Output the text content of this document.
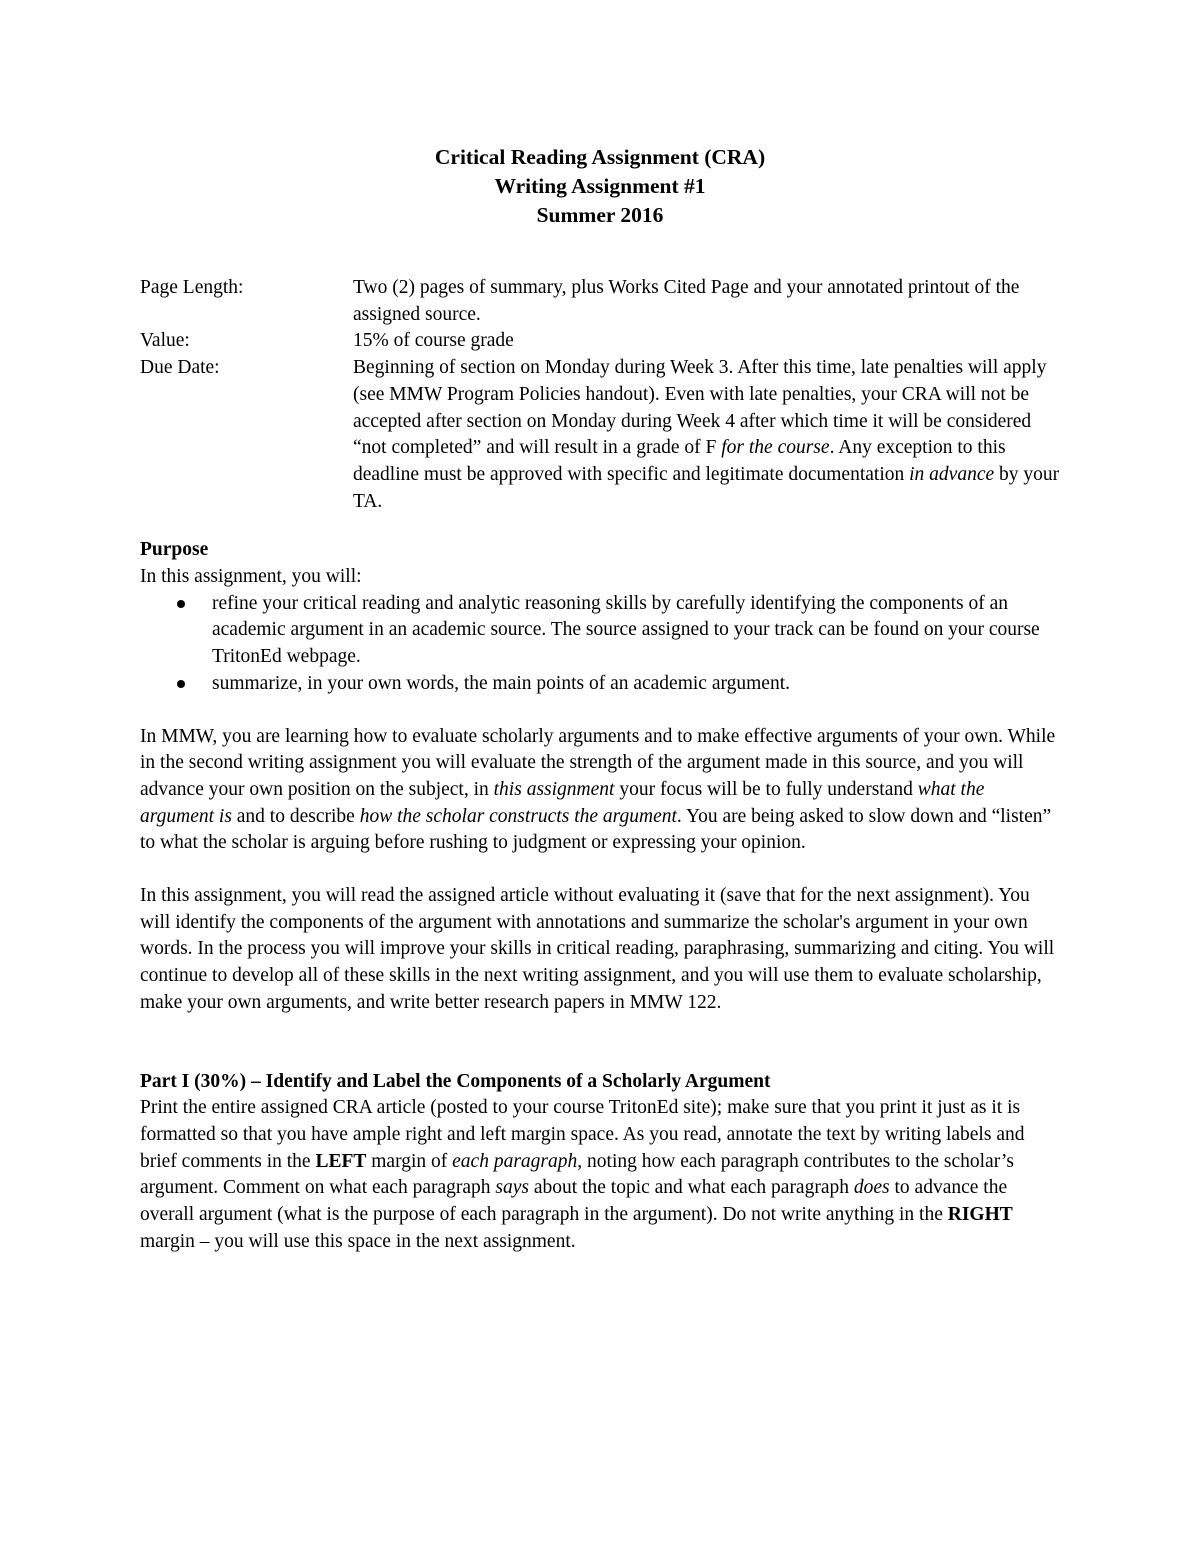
Critical Reading Assignment (CRA)
Writing Assignment #1
Summer 2016
Page Length:	Two (2) pages of summary, plus Works Cited Page and your annotated printout of the assigned source.
Value:	15% of course grade
Due Date:	Beginning of section on Monday during Week 3. After this time, late penalties will apply (see MMW Program Policies handout). Even with late penalties, your CRA will not be accepted after section on Monday during Week 4 after which time it will be considered “not completed” and will result in a grade of F for the course. Any exception to this deadline must be approved with specific and legitimate documentation in advance by your TA.
Purpose

In this assignment, you will:

refine your critical reading and analytic reasoning skills by carefully identifying the components of an academic argument in an academic source. The source assigned to your track can be found on your course TritonEd webpage.
summarize, in your own words, the main points of an academic argument.

In MMW, you are learning how to evaluate scholarly arguments and to make effective arguments of your own. While in the second writing assignment you will evaluate the strength of the argument made in this source, and you will advance your own position on the subject, in this assignment your focus will be to fully understand what the argument is and to describe how the scholar constructs the argument. You are being asked to slow down and “listen” to what the scholar is arguing before rushing to judgment or expressing your opinion.

In this assignment, you will read the assigned article without evaluating it (save that for the next assignment). You will identify the components of the argument with annotations and summarize the scholar's argument in your own words. In the process you will improve your skills in critical reading, paraphrasing, summarizing and citing. You will continue to develop all of these skills in the next writing assignment, and you will use them to evaluate scholarship, make your own arguments, and write better research papers in MMW 122.

Part I (30%) – Identify and Label the Components of a Scholarly Argument

Print the entire assigned CRA article (posted to your course TritonEd site); make sure that you print it just as it is formatted so that you have ample right and left margin space. As you read, annotate the text by writing labels and brief comments in the LEFT margin of each paragraph, noting how each paragraph contributes to the scholar’s argument. Comment on what each paragraph says about the topic and what each paragraph does to advance the overall argument (what is the purpose of each paragraph in the argument). Do not write anything in the RIGHT margin – you will use this space in the next assignment.
